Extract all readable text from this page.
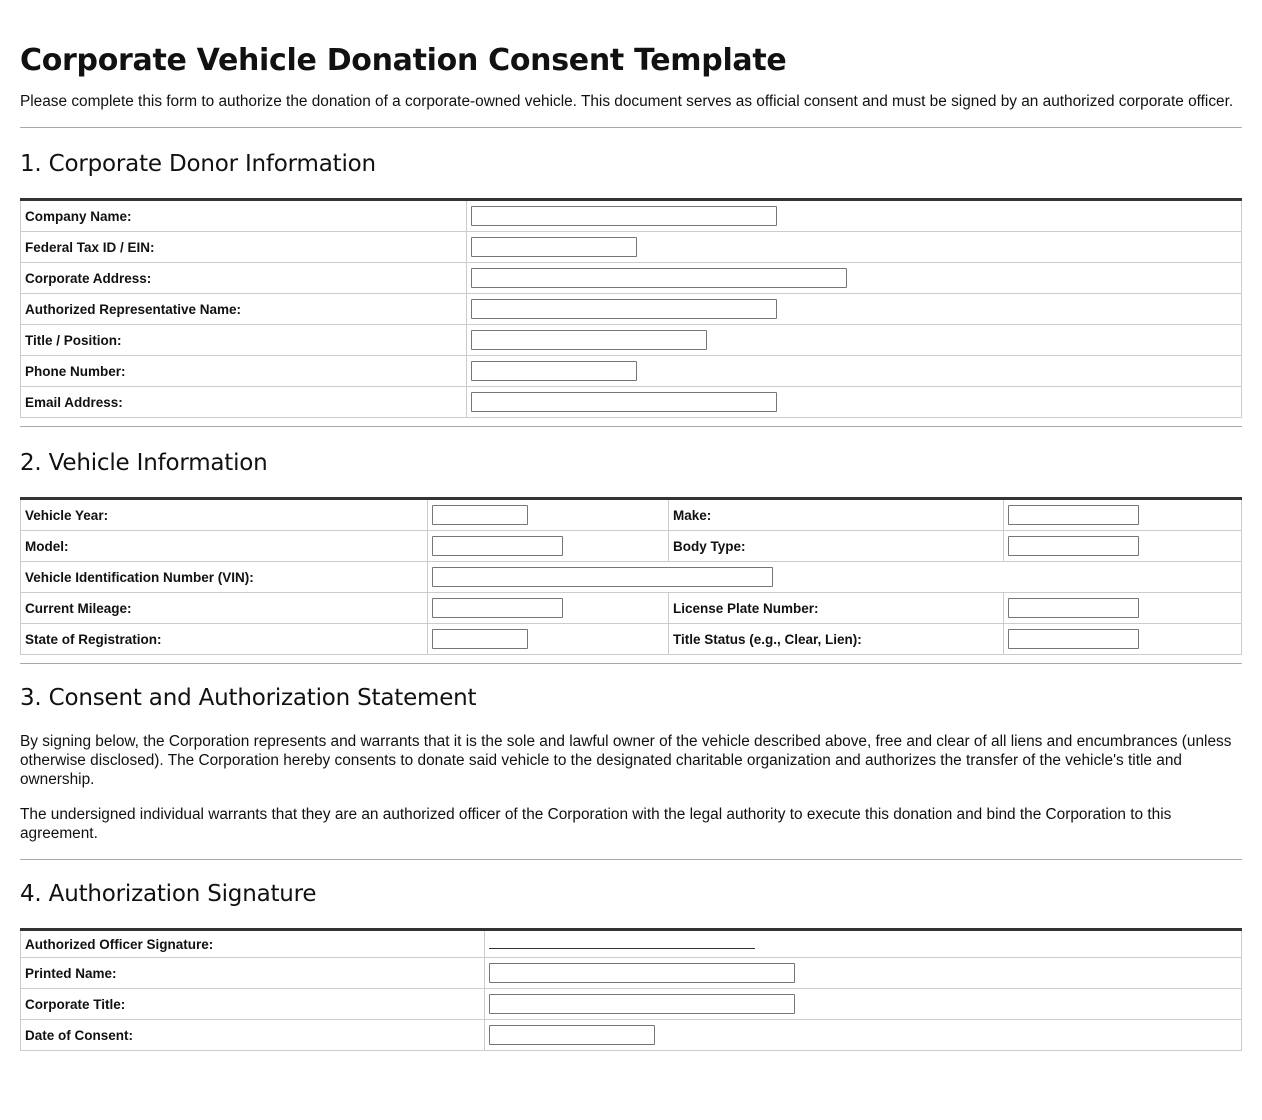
Corporate Vehicle Donation Consent Template

Please complete this form to authorize the donation of a corporate-owned vehicle. This document serves as official consent and must be signed by an authorized corporate officer.

1. Corporate Donor Information
Company Name:	
Federal Tax ID / EIN:	
Corporate Address:	
Authorized Representative Name:	
Title / Position:	
Phone Number:	
Email Address:	
2. Vehicle Information
Vehicle Year:		Make:	
Model:		Body Type:	
Vehicle Identification Number (VIN):			
Current Mileage:		License Plate Number:	
State of Registration:		Title Status (e.g., Clear, Lien):	
3. Consent and Authorization Statement

By signing below, the Corporation represents and warrants that it is the sole and lawful owner of the vehicle described above, free and clear of all liens and encumbrances (unless otherwise disclosed). The Corporation hereby consents to donate said vehicle to the designated charitable organization and authorizes the transfer of the vehicle's title and ownership.

The undersigned individual warrants that they are an authorized officer of the Corporation with the legal authority to execute this donation and bind the Corporation to this agreement.

4. Authorization Signature
Authorized Officer Signature:	
Printed Name:	
Corporate Title:	
Date of Consent:	
